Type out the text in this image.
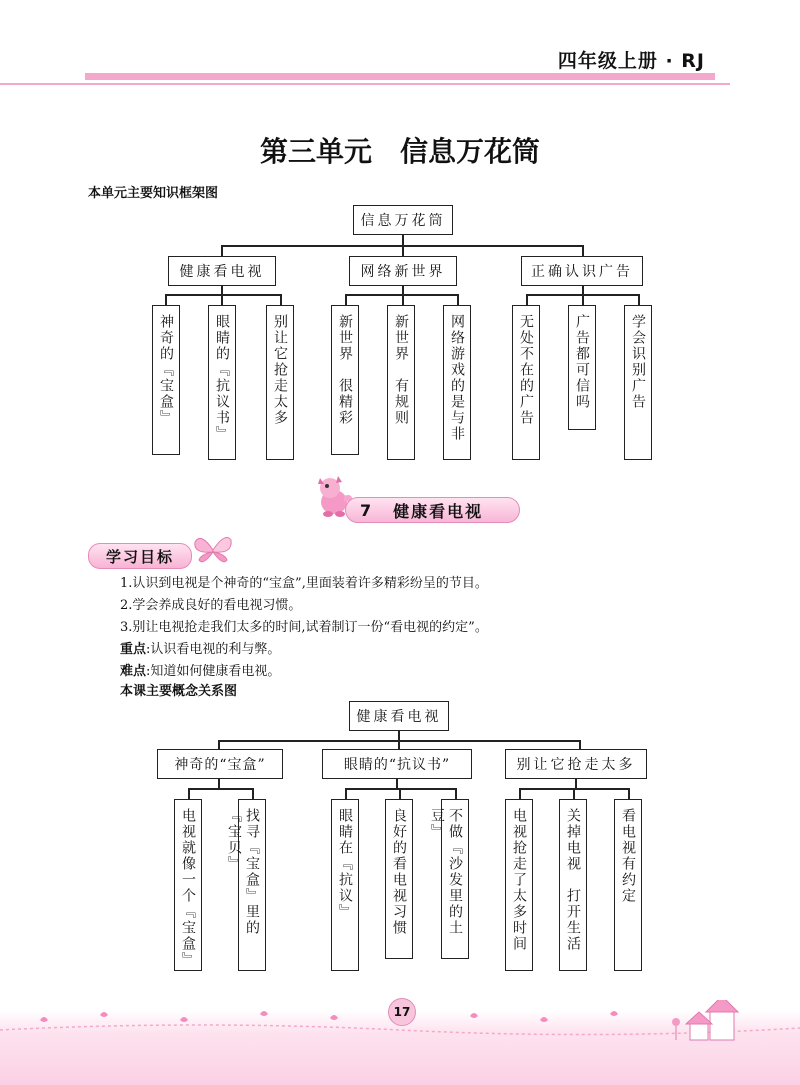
四年级上册 · RJ
第三单元　信息万花筒
本单元主要知识框架图
信息万花筒
健康看电视	网络新世界	正确认识广告
神奇的『宝盒』	眼睛的『抗议书』	别让它抢走太多	新世界　很精彩	新世界　有规则	网络游戏的是与非	无处不在的广告	广告都可信吗	学会识别广告
7 健康看电视
学习目标
1.认识到电视是个神奇的“宝盒”,里面装着许多精彩纷呈的节目。
2.学会养成良好的看电视习惯。
3.别让电视抢走我们太多的时间,试着制订一份“看电视的约定”。
重点:认识看电视的利与弊。
难点:知道如何健康看电视。
本课主要概念关系图
健康看电视
神奇的“宝盒”	眼睛的“抗议书”	别让它抢走太多
电视就像一个『宝盒』	找寻『宝盒』里的『宝贝』	眼睛在『抗议』	良好的看电视习惯	不做『沙发里的土豆』	电视抢走了太多时间	关掉电视　打开生活	看电视有约定
17
